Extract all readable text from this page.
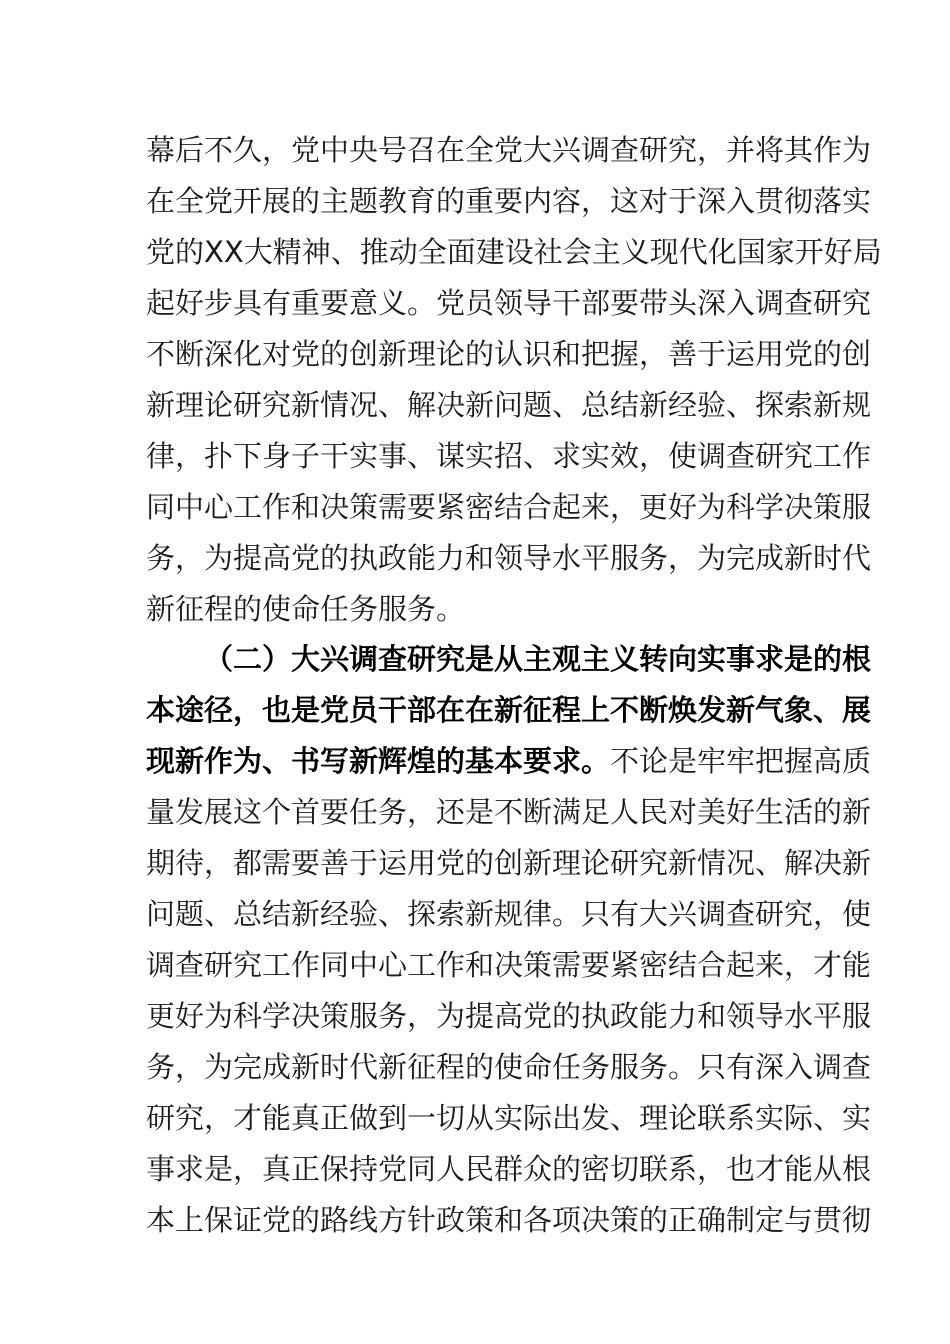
幕后不久，党中央号召在全党大兴调查研究，并将其作为
在全党开展的主题教育的重要内容，这对于深入贯彻落实
党的XX大精神、推动全面建设社会主义现代化国家开好局
起好步具有重要意义。党员领导干部要带头深入调查研究
不断深化对党的创新理论的认识和把握，善于运用党的创
新理论研究新情况、解决新问题、总结新经验、探索新规
律，扑下身子干实事、谋实招、求实效，使调查研究工作
同中心工作和决策需要紧密结合起来，更好为科学决策服
务，为提高党的执政能力和领导水平服务，为完成新时代
新征程的使命任务服务。
（二）大兴调查研究是从主观主义转向实事求是的根
本途径，也是党员干部在在新征程上不断焕发新气象、展
现新作为、书写新辉煌的基本要求。不论是牢牢把握高质
量发展这个首要任务，还是不断满足人民对美好生活的新
期待，都需要善于运用党的创新理论研究新情况、解决新
问题、总结新经验、探索新规律。只有大兴调查研究，使
调查研究工作同中心工作和决策需要紧密结合起来，才能
更好为科学决策服务，为提高党的执政能力和领导水平服
务，为完成新时代新征程的使命任务服务。只有深入调查
研究，才能真正做到一切从实际出发、理论联系实际、实
事求是，真正保持党同人民群众的密切联系，也才能从根
本上保证党的路线方针政策和各项决策的正确制定与贯彻
